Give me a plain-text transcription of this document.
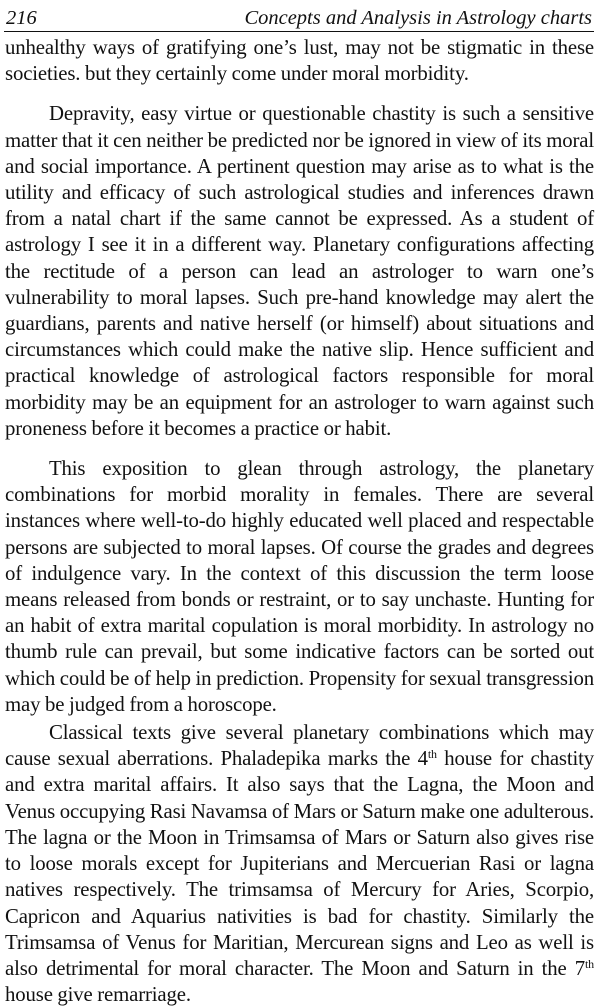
216	Concepts and Analysis in Astrology charts

unhealthy ways of gratifying one’s lust, may not be stigmatic in these societies. but they certainly come under moral morbidity.

Depravity, easy virtue or questionable chastity is such a sensitive matter that it cen neither be predicted nor be ignored in view of its moral and social importance. A pertinent question may arise as to what is the utility and efficacy of such astrological studies and inferences drawn from a natal chart if the same cannot be expressed. As a student of astrology I see it in a different way. Planetary configurations affecting the rectitude of a person can lead an astrologer to warn one’s vulnerability to moral lapses. Such pre-hand knowledge may alert the guardians, parents and native herself (or himself) about situations and circumstances which could make the native slip. Hence sufficient and practical knowledge of astrological factors responsible for moral morbidity may be an equipment for an astrologer to warn against such proneness before it becomes a practice or habit.

This exposition to glean through astrology, the planetary combinations for morbid morality in females. There are several instances where well-to-do highly educated well placed and respectable persons are subjected to moral lapses. Of course the grades and degrees of indulgence vary. In the context of this discussion the term loose means released from bonds or restraint, or to say unchaste. Hunting for an habit of extra marital copulation is moral morbidity. In astrology no thumb rule can prevail, but some indicative factors can be sorted out which could be of help in prediction. Propensity for sexual transgression may be judged from a horoscope.

Classical texts give several planetary combinations which may cause sexual aberrations. Phaladepika marks the 4th house for chastity and extra marital affairs. It also says that the Lagna, the Moon and Venus occupying Rasi Navamsa of Mars or Saturn make one adulterous. The lagna or the Moon in Trimsamsa of Mars or Saturn also gives rise to loose morals except for Jupiterians and Mercuerian Rasi or lagna natives respectively. The trimsamsa of Mercury for Aries, Scorpio, Capricon and Aquarius nativities is bad for chastity. Similarly the Trimsamsa of Venus for Maritian, Mercurean signs and Leo as well is also detrimental for moral character. The Moon and Saturn in the 7th house give remarriage.
